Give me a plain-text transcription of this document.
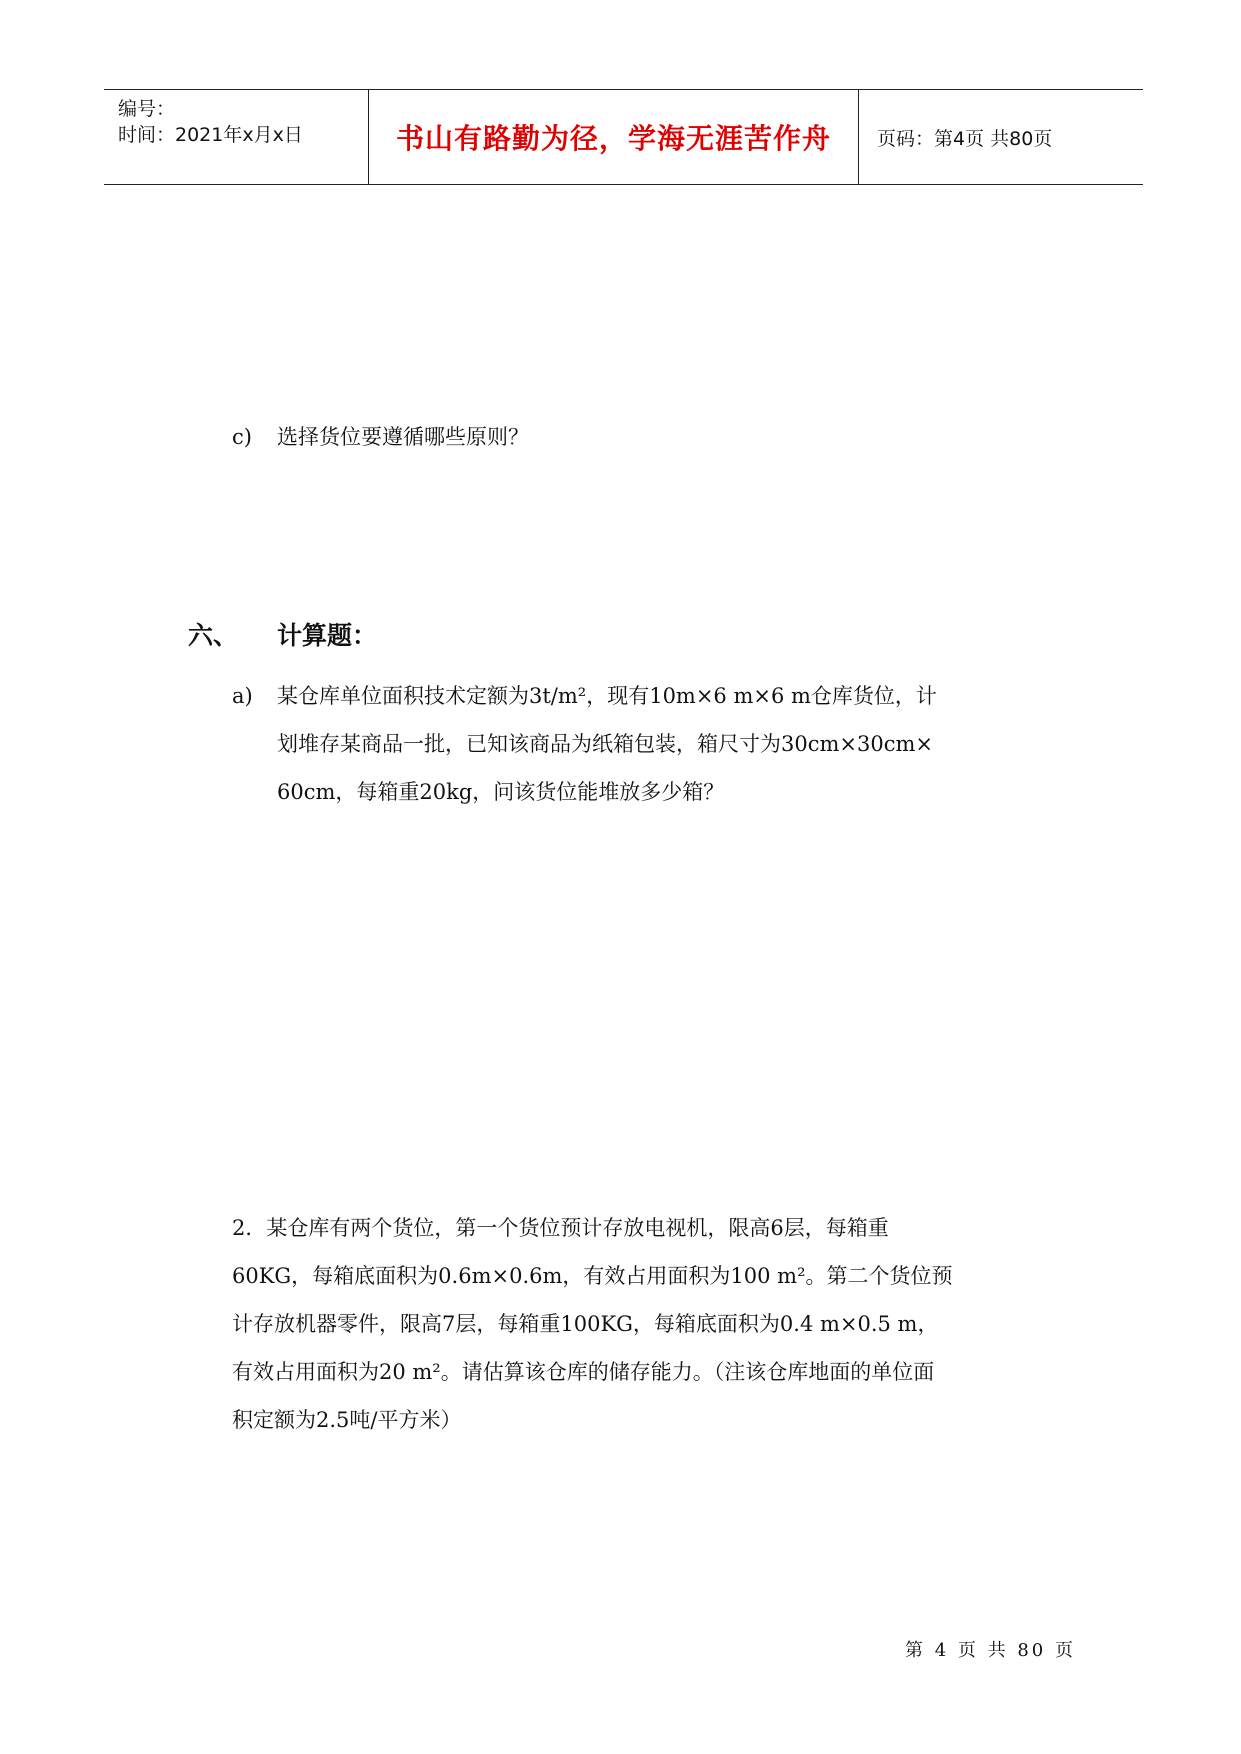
编号：
时间：2021年x月x日	书山有路勤为径，学海无涯苦作舟 页码：第4页 共80页
c) 选择货位要遵循哪些原则？
六、 计算题：
a) 某仓库单位面积技术定额为3t/m²，现有10m×6 m×6 m仓库货位，计
划堆存某商品一批，已知该商品为纸箱包装，箱尺寸为30cm×30cm×
60cm，每箱重20kg，问该货位能堆放多少箱？
2．某仓库有两个货位，第一个货位预计存放电视机，限高6层，每箱重
60KG，每箱底面积为0.6m×0.6m，有效占用面积为100 m²。第二个货位预
计存放机器零件，限高7层，每箱重100KG，每箱底面积为0.4 m×0.5 m，
有效占用面积为20 m²。请估算该仓库的储存能力。（注该仓库地面的单位面
积定额为2.5吨/平方米）
第 4 页 共 80 页
